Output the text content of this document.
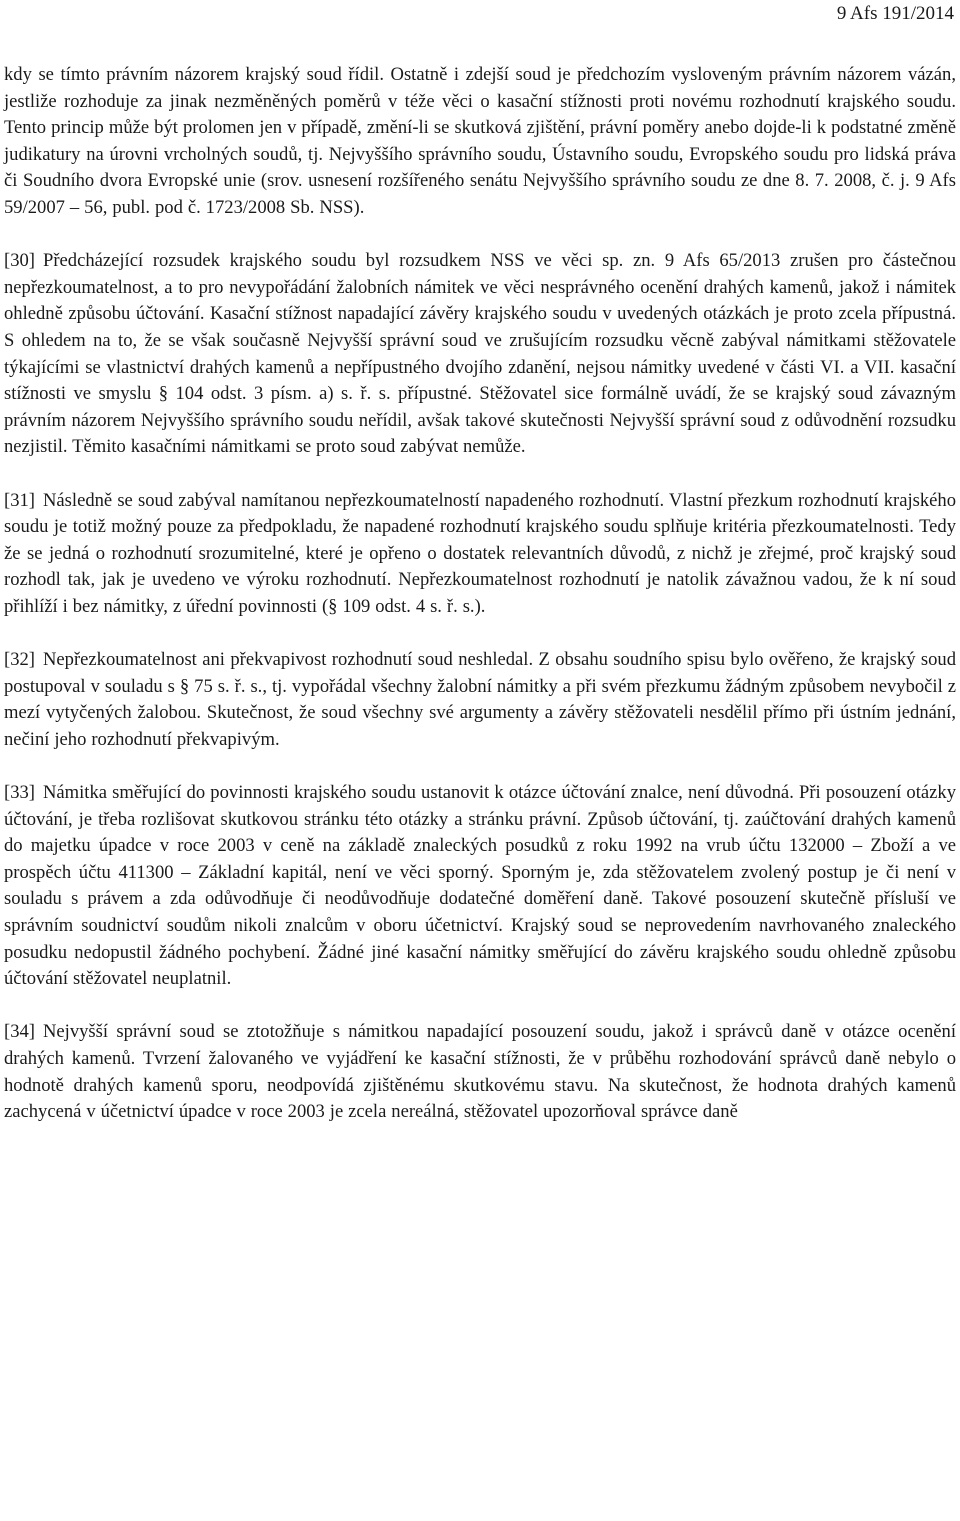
9 Afs 191/2014

kdy se tímto právním názorem krajský soud řídil. Ostatně i zdejší soud je předchozím vysloveným právním názorem vázán, jestliže rozhoduje za jinak nezměněných poměrů v téže věci o kasační stížnosti proti novému rozhodnutí krajského soudu. Tento princip může být prolomen jen v případě, změní-li se skutková zjištění, právní poměry anebo dojde-li k podstatné změně judikatury na úrovni vrcholných soudů, tj. Nejvyššího správního soudu, Ústavního soudu, Evropského soudu pro lidská práva či Soudního dvora Evropské unie (srov. usnesení rozšířeného senátu Nejvyššího správního soudu ze dne 8. 7. 2008, č. j. 9 Afs 59/2007 – 56, publ. pod č. 1723/2008 Sb. NSS).

[30] Předcházející rozsudek krajského soudu byl rozsudkem NSS ve věci sp. zn. 9 Afs 65/2013 zrušen pro částečnou nepřezkoumatelnost, a to pro nevypořádání žalobních námitek ve věci nesprávného ocenění drahých kamenů, jakož i námitek ohledně způsobu účtování. Kasační stížnost napadající závěry krajského soudu v uvedených otázkách je proto zcela přípustná. S ohledem na to, že se však současně Nejvyšší správní soud ve zrušujícím rozsudku věcně zabýval námitkami stěžovatele týkajícími se vlastnictví drahých kamenů a nepřípustného dvojího zdanění, nejsou námitky uvedené v části VI. a VII. kasační stížnosti ve smyslu § 104 odst. 3 písm. a) s. ř. s. přípustné. Stěžovatel sice formálně uvádí, že se krajský soud závazným právním názorem Nejvyššího správního soudu neřídil, avšak takové skutečnosti Nejvyšší správní soud z odůvodnění rozsudku nezjistil. Těmito kasačními námitkami se proto soud zabývat nemůže.

[31] Následně se soud zabýval namítanou nepřezkoumatelností napadeného rozhodnutí. Vlastní přezkum rozhodnutí krajského soudu je totiž možný pouze za předpokladu, že napadené rozhodnutí krajského soudu splňuje kritéria přezkoumatelnosti. Tedy že se jedná o rozhodnutí srozumitelné, které je opřeno o dostatek relevantních důvodů, z nichž je zřejmé, proč krajský soud rozhodl tak, jak je uvedeno ve výroku rozhodnutí. Nepřezkoumatelnost rozhodnutí je natolik závažnou vadou, že k ní soud přihlíží i bez námitky, z úřední povinnosti (§ 109 odst. 4 s. ř. s.).

[32] Nepřezkoumatelnost ani překvapivost rozhodnutí soud neshledal. Z obsahu soudního spisu bylo ověřeno, že krajský soud postupoval v souladu s § 75 s. ř. s., tj. vypořádal všechny žalobní námitky a při svém přezkumu žádným způsobem nevybočil z mezí vytyčených žalobou. Skutečnost, že soud všechny své argumenty a závěry stěžovateli nesdělil přímo při ústním jednání, nečiní jeho rozhodnutí překvapivým.

[33] Námitka směřující do povinnosti krajského soudu ustanovit k otázce účtování znalce, není důvodná. Při posouzení otázky účtování, je třeba rozlišovat skutkovou stránku této otázky a stránku právní. Způsob účtování, tj. zaúčtování drahých kamenů do majetku úpadce v roce 2003 v ceně na základě znaleckých posudků z roku 1992 na vrub účtu 132000 – Zboží a ve prospěch účtu 411300 – Základní kapitál, není ve věci sporný. Sporným je, zda stěžovatelem zvolený postup je či není v souladu s právem a zda odůvodňuje či neodůvodňuje dodatečné doměření daně. Takové posouzení skutečně přísluší ve správním soudnictví soudům nikoli znalcům v oboru účetnictví. Krajský soud se neprovedením navrhovaného znaleckého posudku nedopustil žádného pochybení. Žádné jiné kasační námitky směřující do závěru krajského soudu ohledně způsobu účtování stěžovatel neuplatnil.

[34] Nejvyšší správní soud se ztotožňuje s námitkou napadající posouzení soudu, jakož i správců daně v otázce ocenění drahých kamenů. Tvrzení žalovaného ve vyjádření ke kasační stížnosti, že v průběhu rozhodování správců daně nebylo o hodnotě drahých kamenů sporu, neodpovídá zjištěnému skutkovému stavu. Na skutečnost, že hodnota drahých kamenů zachycená v účetnictví úpadce v roce 2003 je zcela nereálná, stěžovatel upozorňoval správce daně
